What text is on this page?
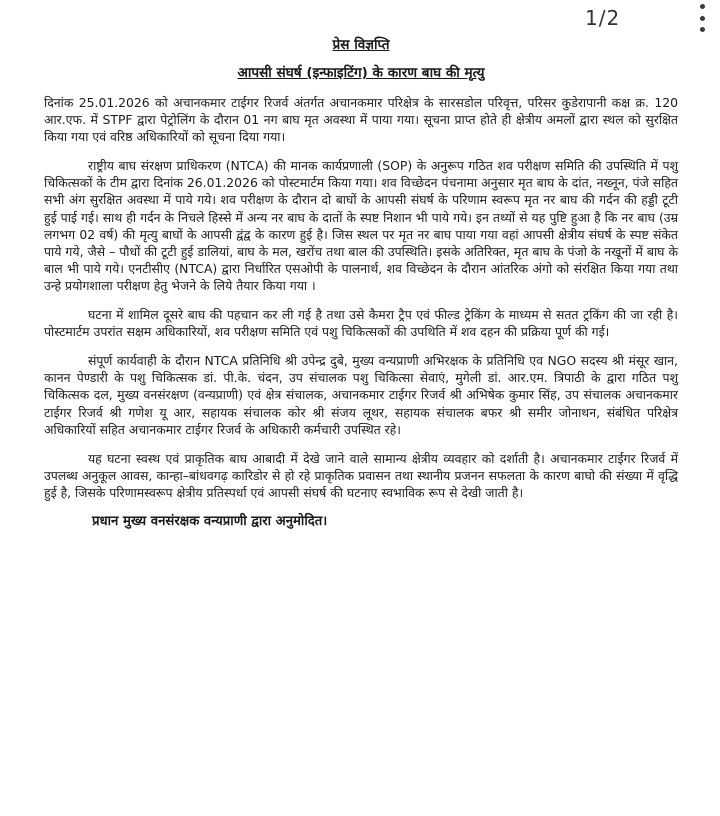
1/2
प्रेस विज्ञप्ति
आपसी संघर्ष (इन्फाइटिंग) के कारण बाघ की मृत्यु

दिनांक 25.01.2026 को अचानकमार टाईगर रिजर्व अंतर्गत अचानकमार परिक्षेत्र के सारसडोल परिवृत्त, परिसर कुडेरापानी कक्ष क्र. 120 आर.एफ. में STPF द्वारा पेट्रोलिंग के दौरान 01 नग बाघ मृत अवस्था में पाया गया। सूचना प्राप्त होते ही क्षेत्रीय अमलों द्वारा स्थल को सुरक्षित किया गया एवं वरिष्ठ अधिकारियों को सूचना दिया गया।

राष्ट्रीय बाघ संरक्षण प्राधिकरण (NTCA) की मानक कार्यप्रणाली (SOP) के अनुरूप गठित शव परीक्षण समिति की उपस्थिति में पशु चिकित्सकों के टीम द्वारा दिनांक 26.01.2026 को पोस्टमार्टम किया गया। शव विच्छेदन पंचनामा अनुसार मृत बाघ के दांत, नख्नून, पंजे सहित सभी अंग सुरक्षित अवस्था में पाये गये। शव परीक्षण के दौरान दो बाघों के आपसी संघर्ष के परिणाम स्वरूप मृत नर बाघ की गर्दन की हड्डी टूटी हुई पाई गई। साथ ही गर्दन के निचले हिस्से में अन्य नर बाघ के दातों के स्पष्ट निशान भी पाये गये। इन तथ्यों से यह पुष्टि हुआ है कि नर बाघ (उम्र लगभग 02 वर्ष) की मृत्यु बाघों के आपसी द्वंद्व के कारण हुई है। जिस स्थल पर मृत नर बाघ पाया गया वहां आपसी क्षेत्रीय संघर्ष के स्पष्ट संकेत पाये गये, जैसे – पौधों की टूटी हुई डालियां, बाघ के मल, खरोंच तथा बाल की उपस्थिति। इसके अतिरिक्त, मृत बाघ के पंजो के नखूनों में बाघ के बाल भी पाये गये। एनटीसीए (NTCA) द्वारा निर्धारित एसओपी के पालनार्थ, शव विच्छेदन के दौरान आंतरिक अंगो को संरक्षित किया गया तथा उन्हे प्रयोगशाला परीक्षण हेतु भेजने के लिये तैयार किया गया ।

घटना में शामिल दूसरे बाघ की पहचान कर ली गई है तथा उसे कैमरा ट्रैप एवं फील्ड ट्रेकिंग के माध्यम से सतत ट्रकिंग की जा रही है। पोस्टमार्टम उपरांत सक्षम अधिकारियों, शव परीक्षण समिति एवं पशु चिकित्सकों की उपथिति में शव दहन की प्रक्रिया पूर्ण की गई।

संपूर्ण कार्यवाही के दौरान NTCA प्रतिनिधि श्री उपेन्द्र दुबे, मुख्य वन्यप्राणी अभिरक्षक के प्रतिनिधि एव NGO सदस्य श्री मंसूर खान, कानन पेण्डारी के पशु चिकित्सक डां. पी.के. चंदन, उप संचालक पशु चिकित्सा सेवाएं, मुगेली डां. आर.एम. त्रिपाठी के द्वारा गठित पशु चिकित्सक दल, मुख्य वनसंरक्षण (वन्यप्राणी) एवं क्षेत्र संचालक, अचानकमार टाईगर रिजर्व श्री अभिषेक कुमार सिंह, उप संचालक अचानकमार टाईगर रिजर्व श्री गणेश यू आर, सहायक संचालक कोर श्री संजय लूथर, सहायक संचालक बफर श्री समीर जोनाथन, संबंधित परिक्षेत्र अधिकारियों सहित अचानकमार टाईगर रिजर्व के अधिकारी कर्मचारी उपस्थित रहे।

यह घटना स्वस्थ एवं प्राकृतिक बाघ आबादी में देखे जाने वाले सामान्य क्षेत्रीय व्यवहार को दर्शाती है। अचानकमार टाईगर रिजर्व में उपलब्ध अनुकूल आवस, कान्हा–बांधवगढ़ कारिडोर से हो रहे प्राकृतिक प्रवासन तथा स्थानीय प्रजनन सफलता के कारण बाघो की संख्या में वृद्धि हुई है, जिसके परिणामस्वरूप क्षेत्रीय प्रतिस्पर्धा एवं आपसी संघर्ष की घटनाए स्वभाविक रूप से देखी जाती है।

प्रधान मुख्य वनसंरक्षक वन्यप्राणी द्वारा अनुमोदित।
